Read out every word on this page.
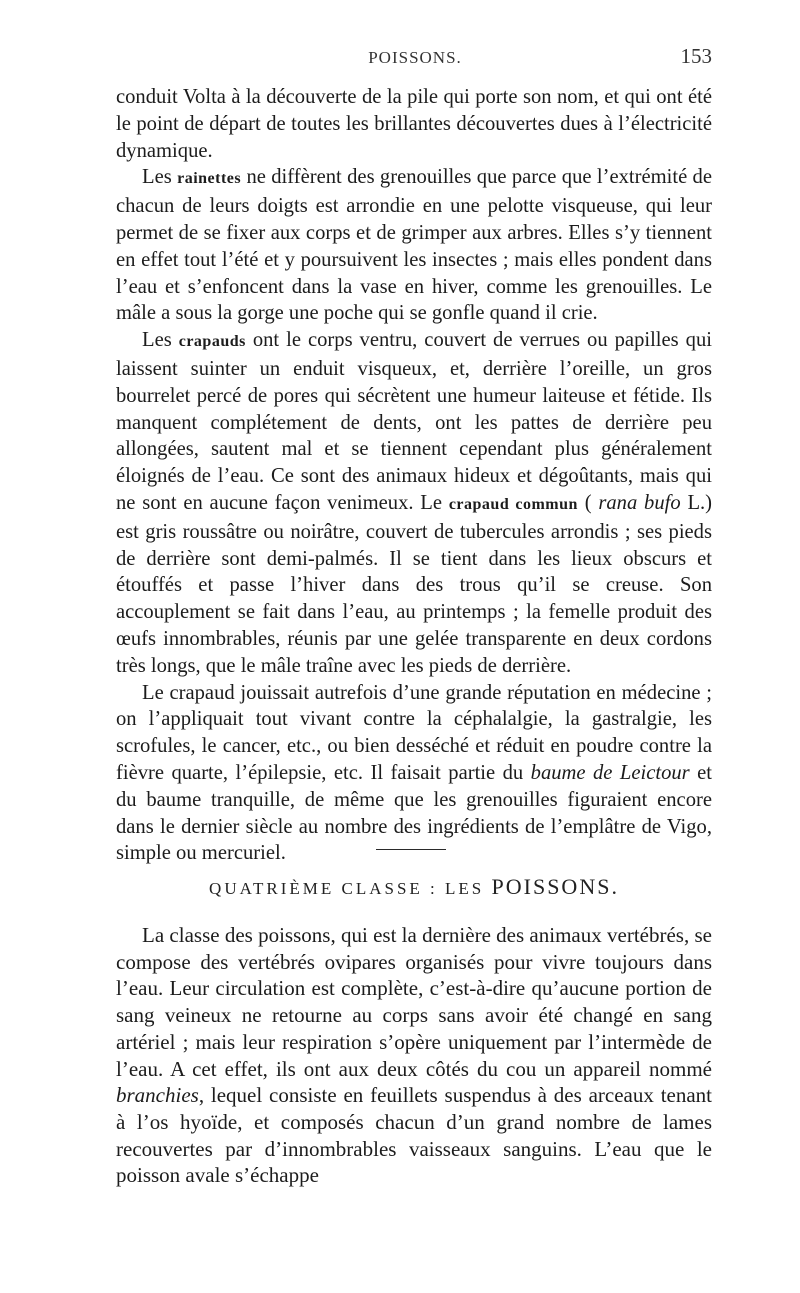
POISSONS.	153

conduit Volta à la découverte de la pile qui porte son nom, et qui ont été le point de départ de toutes les brillantes découvertes dues à l’électricité dynamique.

Les rainettes ne diffèrent des grenouilles que parce que l’extrémité de chacun de leurs doigts est arrondie en une pelotte visqueuse, qui leur permet de se fixer aux corps et de grimper aux arbres. Elles s’y tiennent en effet tout l’été et y poursuivent les insectes ; mais elles pondent dans l’eau et s’enfoncent dans la vase en hiver, comme les grenouilles. Le mâle a sous la gorge une poche qui se gonfle quand il crie.

Les crapauds ont le corps ventru, couvert de verrues ou papilles qui laissent suinter un enduit visqueux, et, derrière l’oreille, un gros bourrelet percé de pores qui sécrètent une humeur laiteuse et fétide. Ils manquent complétement de dents, ont les pattes de derrière peu allongées, sautent mal et se tiennent cependant plus généralement éloignés de l’eau. Ce sont des animaux hideux et dégoûtants, mais qui ne sont en aucune façon venimeux. Le crapaud commun ( rana bufo L.) est gris roussâtre ou noirâtre, couvert de tubercules arrondis ; ses pieds de derrière sont demi-palmés. Il se tient dans les lieux obscurs et étouffés et passe l’hiver dans des trous qu’il se creuse. Son accouplement se fait dans l’eau, au printemps ; la femelle produit des œufs innombrables, réunis par une gelée transparente en deux cordons très longs, que le mâle traîne avec les pieds de derrière.

Le crapaud jouissait autrefois d’une grande réputation en médecine ; on l’appliquait tout vivant contre la céphalalgie, la gastralgie, les scrofules, le cancer, etc., ou bien desséché et réduit en poudre contre la fièvre quarte, l’épilepsie, etc. Il faisait partie du baume de Leictour et du baume tranquille, de même que les grenouilles figuraient encore dans le dernier siècle au nombre des ingrédients de l’emplâtre de Vigo, simple ou mercuriel.

QUATRIÈME CLASSE : LES POISSONS.

La classe des poissons, qui est la dernière des animaux vertébrés, se compose des vertébrés ovipares organisés pour vivre toujours dans l’eau. Leur circulation est complète, c’est-à-dire qu’aucune portion de sang veineux ne retourne au corps sans avoir été changé en sang artériel ; mais leur respiration s’opère uniquement par l’intermède de l’eau. A cet effet, ils ont aux deux côtés du cou un appareil nommé branchies, lequel consiste en feuillets suspendus à des arceaux tenant à l’os hyoïde, et composés chacun d’un grand nombre de lames recouvertes par d’innombrables vaisseaux sanguins. L’eau que le poisson avale s’échappe
